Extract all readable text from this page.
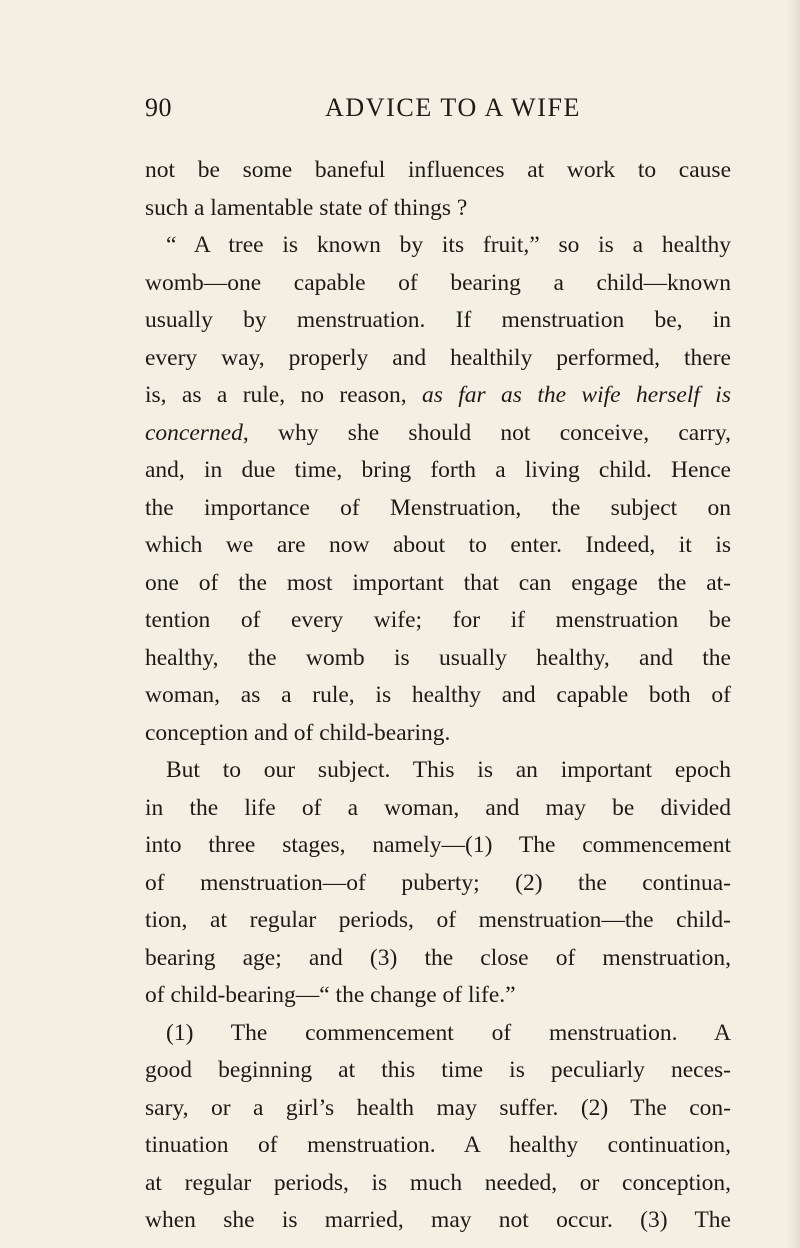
90	ADVICE TO A WIFE
not be some baneful influences at work to cause
such a lamentable state of things ?
“ A tree is known by its fruit,” so is a healthy
womb—one capable of bearing a child—known
usually by menstruation. If menstruation be, in
every way, properly and healthily performed, there
is, as a rule, no reason, as far as the wife herself is
concerned, why she should not conceive, carry,
and, in due time, bring forth a living child. Hence
the importance of Menstruation, the subject on
which we are now about to enter. Indeed, it is
one of the most important that can engage the at-
tention of every wife; for if menstruation be
healthy, the womb is usually healthy, and the
woman, as a rule, is healthy and capable both of
conception and of child-bearing.
But to our subject. This is an important epoch
in the life of a woman, and may be divided
into three stages, namely—(1) The commencement
of menstruation—of puberty; (2) the continua-
tion, at regular periods, of menstruation—the child-
bearing age; and (3) the close of menstruation,
of child-bearing—“ the change of life.”
(1) The commencement of menstruation. A
good beginning at this time is peculiarly neces-
sary, or a girl’s health may suffer. (2) The con-
tinuation of menstruation. A healthy continuation,
at regular periods, is much needed, or conception,
when she is married, may not occur. (3) The
